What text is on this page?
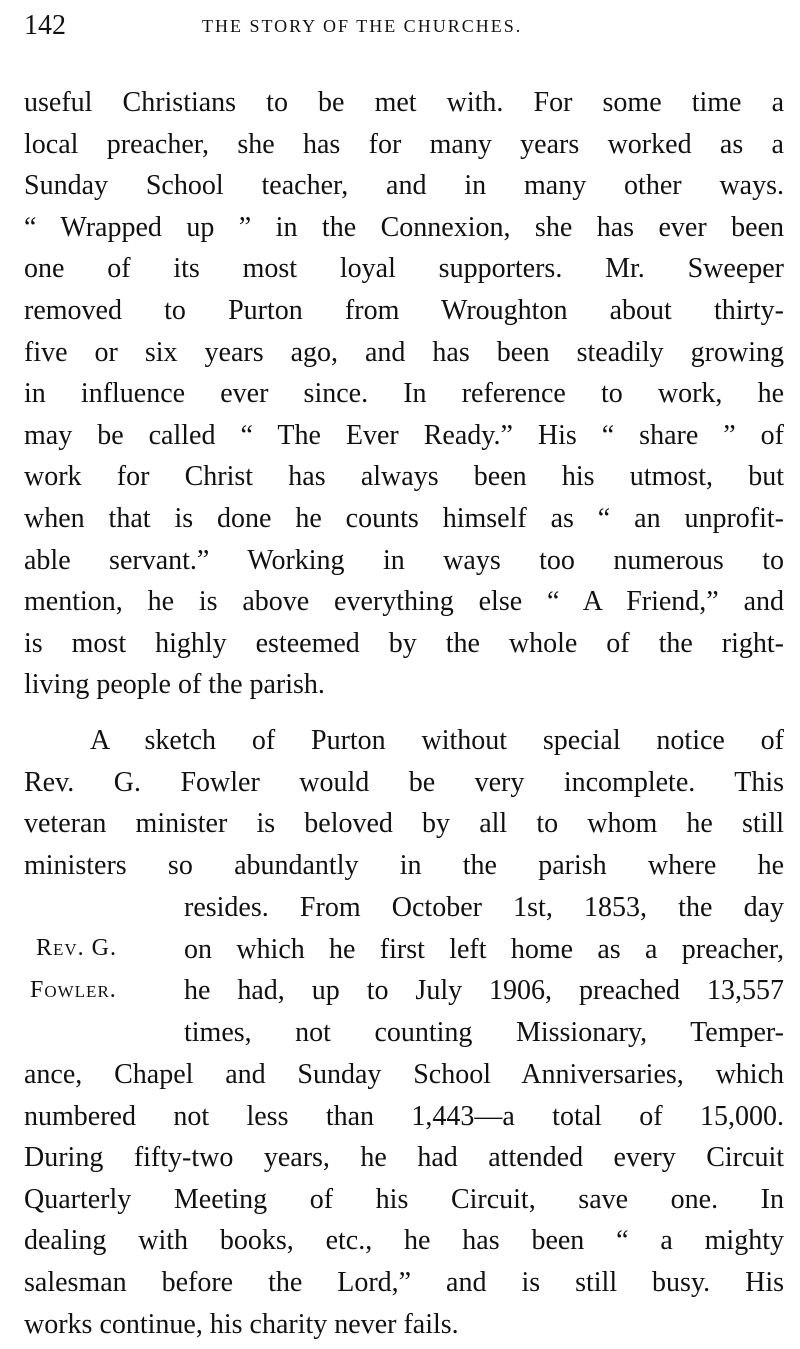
142	THE STORY OF THE CHURCHES.
useful Christians to be met with. For some time a
local preacher, she has for many years worked as a
Sunday School teacher, and in many other ways.
“ Wrapped up ” in the Connexion, she has ever been
one of its most loyal supporters. Mr. Sweeper
removed to Purton from Wroughton about thirty-
five or six years ago, and has been steadily growing
in influence ever since. In reference to work, he
may be called “ The Ever Ready.” His “ share ” of
work for Christ has always been his utmost, but
when that is done he counts himself as “ an unprofit-
able servant.” Working in ways too numerous to
mention, he is above everything else “ A Friend,” and
is most highly esteemed by the whole of the right-
living people of the parish.
A sketch of Purton without special notice of
Rev. G. Fowler would be very incomplete. This
veteran minister is beloved by all to whom he still
ministers so abundantly in the parish where he
Rev. G.
Fowler.
resides. From October 1st, 1853, the day
on which he first left home as a preacher,
he had, up to July 1906, preached 13,557
times, not counting Missionary, Temper-
ance, Chapel and Sunday School Anniversaries, which
numbered not less than 1,443—a total of 15,000.
During fifty-two years, he had attended every Circuit
Quarterly Meeting of his Circuit, save one. In
dealing with books, etc., he has been “ a mighty
salesman before the Lord,” and is still busy. His
works continue, his charity never fails.
